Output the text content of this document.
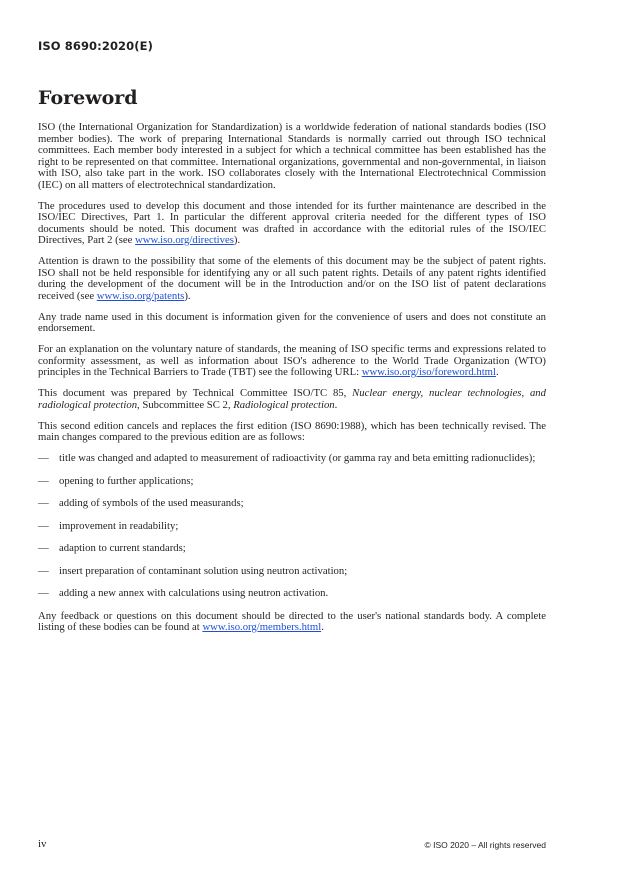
ISO 8690:2020(E)
Foreword

ISO (the International Organization for Standardization) is a worldwide federation of national standards bodies (ISO member bodies). The work of preparing International Standards is normally carried out through ISO technical committees. Each member body interested in a subject for which a technical committee has been established has the right to be represented on that committee. International organizations, governmental and non-governmental, in liaison with ISO, also take part in the work. ISO collaborates closely with the International Electrotechnical Commission (IEC) on all matters of electrotechnical standardization.

The procedures used to develop this document and those intended for its further maintenance are described in the ISO/IEC Directives, Part 1. In particular the different approval criteria needed for the different types of ISO documents should be noted. This document was drafted in accordance with the editorial rules of the ISO/IEC Directives, Part 2 (see www.iso.org/directives).

Attention is drawn to the possibility that some of the elements of this document may be the subject of patent rights. ISO shall not be held responsible for identifying any or all such patent rights. Details of any patent rights identified during the development of the document will be in the Introduction and/or on the ISO list of patent declarations received (see www.iso.org/patents).

Any trade name used in this document is information given for the convenience of users and does not constitute an endorsement.

For an explanation on the voluntary nature of standards, the meaning of ISO specific terms and expressions related to conformity assessment, as well as information about ISO's adherence to the World Trade Organization (WTO) principles in the Technical Barriers to Trade (TBT) see the following URL: www.iso.org/iso/foreword.html.

This document was prepared by Technical Committee ISO/TC 85, Nuclear energy, nuclear technologies, and radiological protection, Subcommittee SC 2, Radiological protection.

This second edition cancels and replaces the first edition (ISO 8690:1988), which has been technically revised. The main changes compared to the previous edition are as follows:

— title was changed and adapted to measurement of radioactivity (or gamma ray and beta emitting radionuclides);
— opening to further applications;
— adding of symbols of the used measurands;
— improvement in readability;
— adaption to current standards;
— insert preparation of contaminant solution using neutron activation;
— adding a new annex with calculations using neutron activation.

Any feedback or questions on this document should be directed to the user's national standards body. A complete listing of these bodies can be found at www.iso.org/members.html.

iv	© ISO 2020 – All rights reserved
